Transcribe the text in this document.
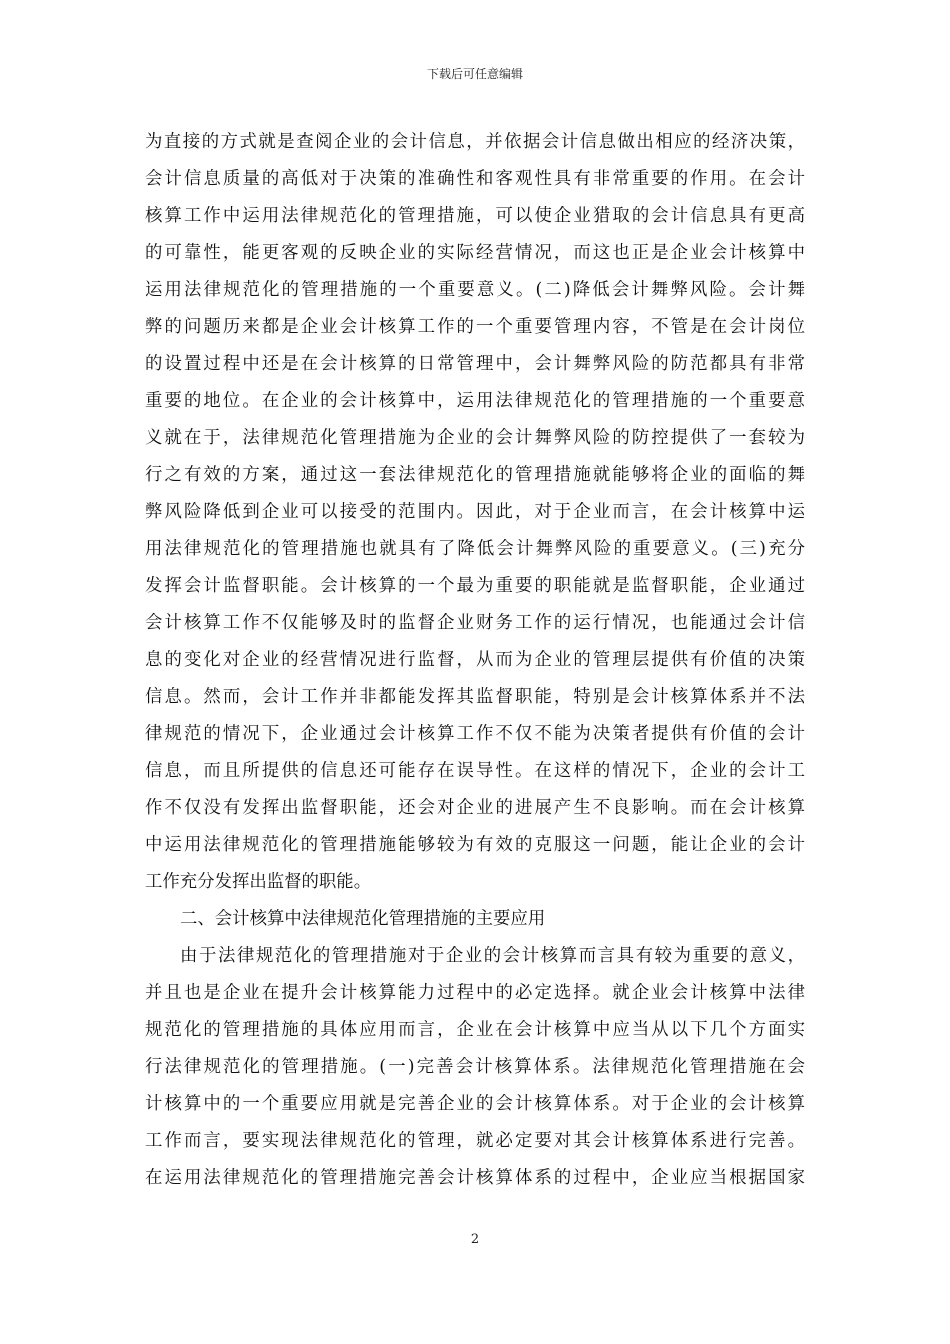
下载后可任意编辑
为直接的方式就是查阅企业的会计信息，并依据会计信息做出相应的经济决策，
会计信息质量的高低对于决策的准确性和客观性具有非常重要的作用。在会计
核算工作中运用法律规范化的管理措施，可以使企业猎取的会计信息具有更高
的可靠性，能更客观的反映企业的实际经营情况，而这也正是企业会计核算中
运用法律规范化的管理措施的一个重要意义。(二)降低会计舞弊风险。会计舞
弊的问题历来都是企业会计核算工作的一个重要管理内容，不管是在会计岗位
的设置过程中还是在会计核算的日常管理中，会计舞弊风险的防范都具有非常
重要的地位。在企业的会计核算中，运用法律规范化的管理措施的一个重要意
义就在于，法律规范化管理措施为企业的会计舞弊风险的防控提供了一套较为
行之有效的方案，通过这一套法律规范化的管理措施就能够将企业的面临的舞
弊风险降低到企业可以接受的范围内。因此，对于企业而言，在会计核算中运
用法律规范化的管理措施也就具有了降低会计舞弊风险的重要意义。(三)充分
发挥会计监督职能。会计核算的一个最为重要的职能就是监督职能，企业通过
会计核算工作不仅能够及时的监督企业财务工作的运行情况，也能通过会计信
息的变化对企业的经营情况进行监督，从而为企业的管理层提供有价值的决策
信息。然而，会计工作并非都能发挥其监督职能，特别是会计核算体系并不法
律规范的情况下，企业通过会计核算工作不仅不能为决策者提供有价值的会计
信息，而且所提供的信息还可能存在误导性。在这样的情况下，企业的会计工
作不仅没有发挥出监督职能，还会对企业的进展产生不良影响。而在会计核算
中运用法律规范化的管理措施能够较为有效的克服这一问题，能让企业的会计
工作充分发挥出监督的职能。
二、会计核算中法律规范化管理措施的主要应用
由于法律规范化的管理措施对于企业的会计核算而言具有较为重要的意义，
并且也是企业在提升会计核算能力过程中的必定选择。就企业会计核算中法律
规范化的管理措施的具体应用而言，企业在会计核算中应当从以下几个方面实
行法律规范化的管理措施。(一)完善会计核算体系。法律规范化管理措施在会
计核算中的一个重要应用就是完善企业的会计核算体系。对于企业的会计核算
工作而言，要实现法律规范化的管理，就必定要对其会计核算体系进行完善。
在运用法律规范化的管理措施完善会计核算体系的过程中，企业应当根据国家
2
